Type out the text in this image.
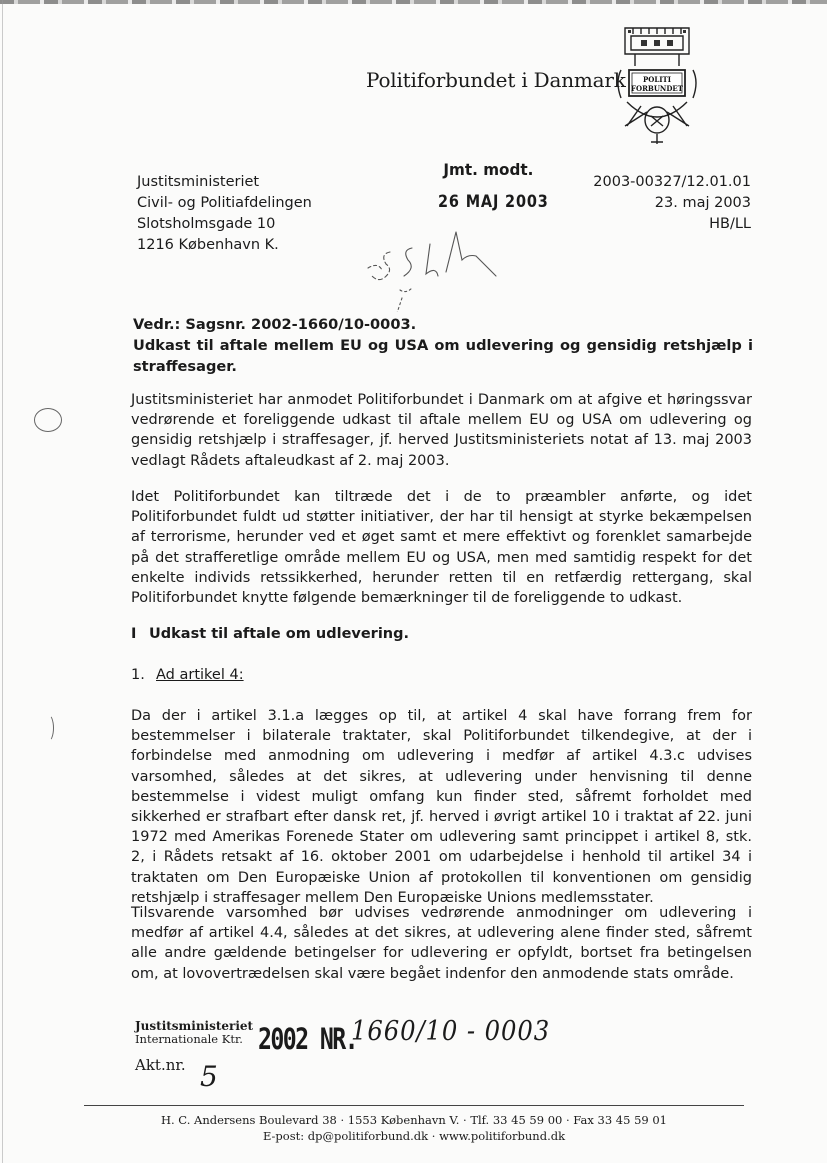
Politiforbundet i Danmark POLITI
FORBUNDET
Justitsministeriet
Civil- og Politiafdelingen
Slotsholmsgade 10
1216 København K.
Jmt. modt.
26 MAJ 2003
2003-00327/12.01.01
23. maj 2003
HB/LL
Vedr.: Sagsnr. 2002-1660/10-0003.
Udkast til aftale mellem EU og USA om udlevering og gensidig retshjælp i straffesager.
Justitsministeriet har anmodet Politiforbundet i Danmark om at afgive et høringssvar vedrørende et foreliggende udkast til aftale mellem EU og USA om udlevering og gensidig retshjælp i straffesager, jf. herved Justitsministeriets notat af 13. maj 2003 vedlagt Rådets aftaleudkast af 2. maj 2003.
Idet Politiforbundet kan tiltræde det i de to præambler anførte, og idet Politiforbundet fuldt ud støtter initiativer, der har til hensigt at styrke bekæmpelsen af terrorisme, herunder ved et øget samt et mere effektivt og forenklet samarbejde på det strafferetlige område mellem EU og USA, men med samtidig respekt for det enkelte individs retssikkerhed, herunder retten til en retfærdig rettergang, skal Politiforbundet knytte følgende bemærkninger til de foreliggende to udkast.
I Udkast til aftale om udlevering.
1. Ad artikel 4:
Da der i artikel 3.1.a lægges op til, at artikel 4 skal have forrang frem for bestemmelser i bilaterale traktater, skal Politiforbundet tilkendegive, at der i forbindelse med anmodning om udlevering i medfør af artikel 4.3.c udvises varsomhed, således at det sikres, at udlevering under henvisning til denne bestemmelse i videst muligt omfang kun finder sted, såfremt forholdet med sikkerhed er strafbart efter dansk ret, jf. herved i øvrigt artikel 10 i traktat af 22. juni 1972 med Amerikas Forenede Stater om udlevering samt princippet i artikel 8, stk. 2, i Rådets retsakt af 16. oktober 2001 om udarbejdelse i henhold til artikel 34 i traktaten om Den Europæiske Union af protokollen til konventionen om gensidig retshjælp i straffesager mellem Den Europæiske Unions medlemsstater.
Tilsvarende varsomhed bør udvises vedrørende anmodninger om udlevering i medfør af artikel 4.4, således at det sikres, at udlevering alene finder sted, såfremt alle andre gældende betingelser for udlevering er opfyldt, bortset fra betingelsen om, at lovovertrædelsen skal være begået indenfor den anmodende stats område.
Justitsministeriet
Internationale Ktr. 2002 NR.
Akt.nr.
1660/10 - 0003
5
H. C. Andersens Boulevard 38 · 1553 København V. · Tlf. 33 45 59 00 · Fax 33 45 59 01
E-post: dp@politiforbund.dk · www.politiforbund.dk
